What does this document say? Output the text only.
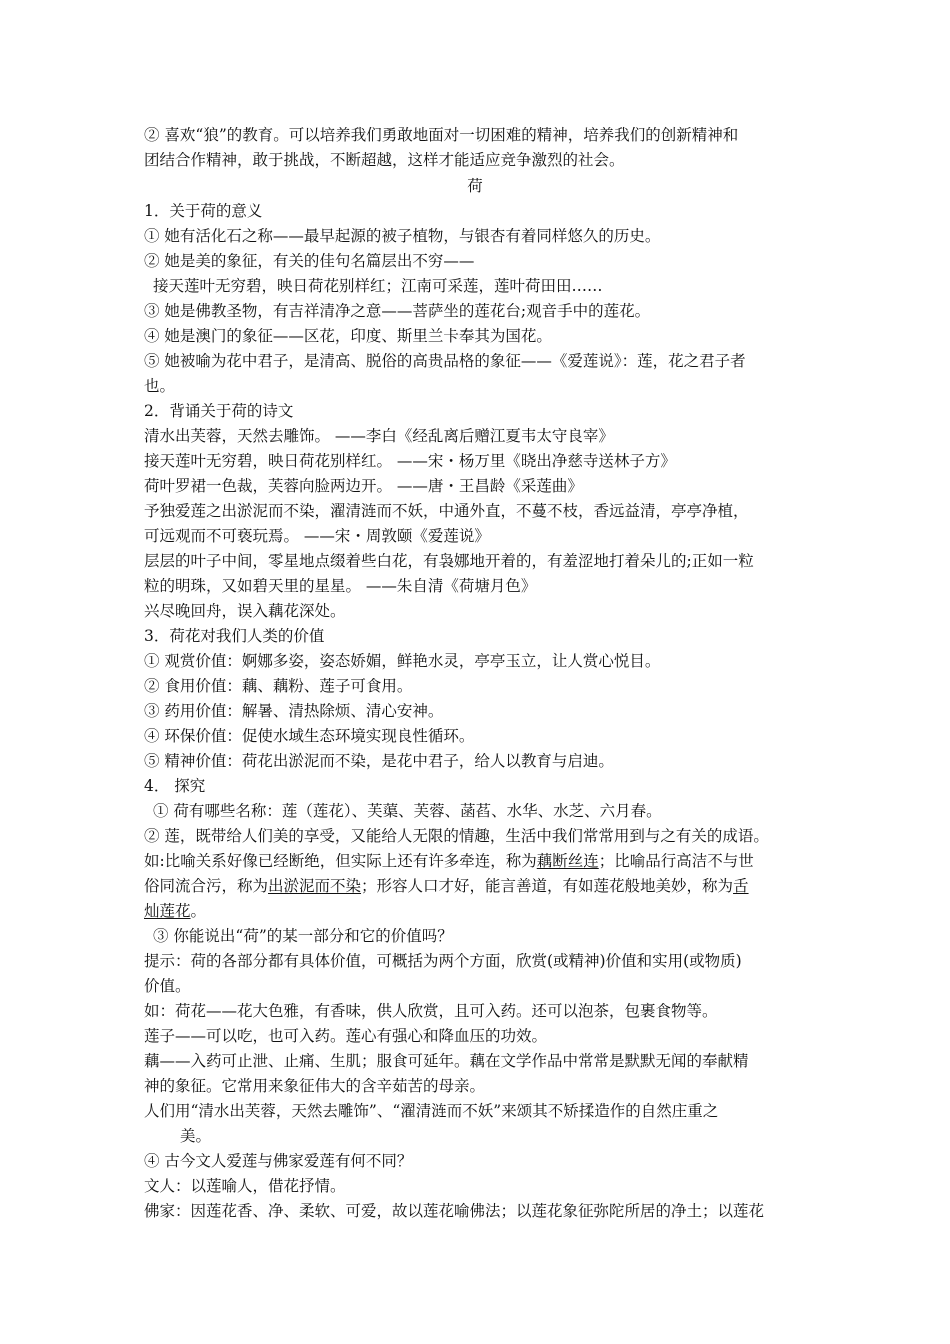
② 喜欢“狼”的教育。可以培养我们勇敢地面对一切困难的精神，培养我们的创新精神和
团结合作精神，敢于挑战，不断超越，这样才能适应竞争激烈的社会。
荷
1．关于荷的意义
① 她有活化石之称——最早起源的被子植物，与银杏有着同样悠久的历史。
② 她是美的象征，有关的佳句名篇层出不穷——
接天莲叶无穷碧，映日荷花别样红；江南可采莲，莲叶荷田田……
③ 她是佛教圣物，有吉祥清净之意——菩萨坐的莲花台;观音手中的莲花。
④ 她是澳门的象征——区花，印度、斯里兰卡奉其为国花。
⑤ 她被喻为花中君子，是清高、脱俗的高贵品格的象征——《爱莲说》：莲，花之君子者
也。
2．背诵关于荷的诗文
清水出芙蓉，天然去雕饰。 ——李白《经乱离后赠江夏韦太守良宰》
接天莲叶无穷碧，映日荷花别样红。 ——宋・杨万里《晓出净慈寺送林子方》
荷叶罗裙一色裁，芙蓉向脸两边开。 ——唐・王昌龄《采莲曲》
予独爱莲之出淤泥而不染，濯清涟而不妖，中通外直，不蔓不枝，香远益清，亭亭净植，
可远观而不可亵玩焉。 ——宋・周敦颐《爱莲说》
层层的叶子中间，零星地点缀着些白花，有袅娜地开着的，有羞涩地打着朵儿的;正如一粒
粒的明珠，又如碧天里的星星。 ——朱自清《荷塘月色》
兴尽晚回舟，误入藕花深处。
3．荷花对我们人类的价值
① 观赏价值：婀娜多姿，姿态娇媚，鲜艳水灵，亭亭玉立，让人赏心悦目。
② 食用价值：藕、藕粉、莲子可食用。
③ 药用价值：解暑、清热除烦、清心安神。
④ 环保价值：促使水域生态环境实现良性循环。
⑤ 精神价值：荷花出淤泥而不染，是花中君子，给人以教育与启迪。
4． 探究
① 荷有哪些名称：莲（莲花）、芙蕖、芙蓉、菡萏、水华、水芝、六月春。
② 莲，既带给人们美的享受，又能给人无限的情趣，生活中我们常常用到与之有关的成语。
如:比喻关系好像已经断绝，但实际上还有许多牵连，称为藕断丝连；比喻品行高洁不与世
俗同流合污，称为出淤泥而不染；形容人口才好，能言善道，有如莲花般地美妙，称为舌
灿莲花。
③ 你能说出“荷”的某一部分和它的价值吗？
提示：荷的各部分都有具体价值，可概括为两个方面，欣赏(或精神)价值和实用(或物质)
价值。
如：荷花——花大色雅，有香味，供人欣赏，且可入药。还可以泡茶，包裹食物等。
莲子——可以吃，也可入药。莲心有强心和降血压的功效。
藕——入药可止泄、止痛、生肌；服食可延年。藕在文学作品中常常是默默无闻的奉献精
神的象征。它常用来象征伟大的含辛茹苦的母亲。
人们用“清水出芙蓉，天然去雕饰”、“濯清涟而不妖”来颂其不矫揉造作的自然庄重之
美。
④ 古今文人爱莲与佛家爱莲有何不同？
文人：以莲喻人，借花抒情。
佛家：因莲花香、净、柔软、可爱，故以莲花喻佛法；以莲花象征弥陀所居的净土；以莲花
